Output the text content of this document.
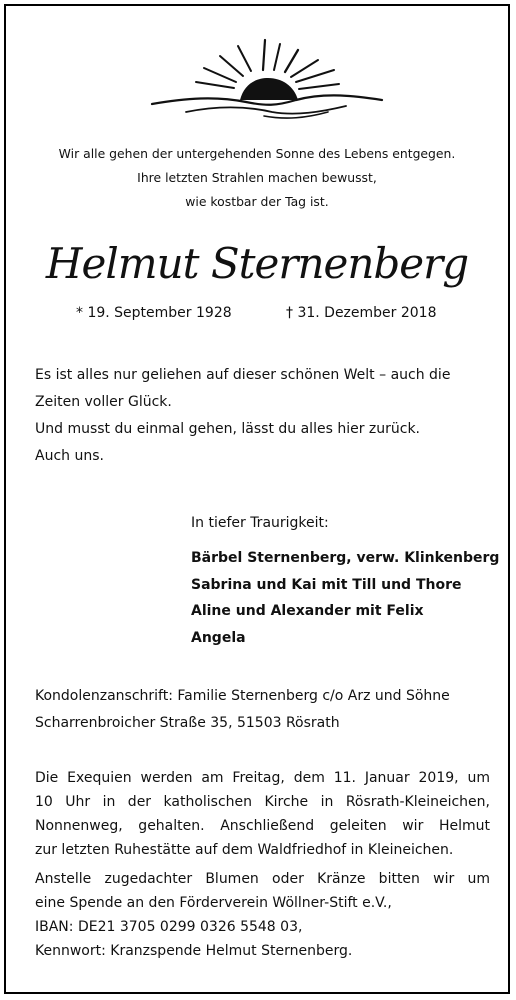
Wir alle gehen der untergehenden Sonne des Lebens entgegen.
Ihre letzten Strahlen machen bewusst,
wie kostbar der Tag ist.
Helmut Sternenberg
* 19. September 1928	† 31. Dezember 2018
Es ist alles nur geliehen auf dieser schönen Welt – auch die
Zeiten voller Glück.
Und musst du einmal gehen, lässt du alles hier zurück.
Auch uns.
In tiefer Traurigkeit:
Bärbel Sternenberg, verw. Klinkenberg
Sabrina und Kai mit Till und Thore
Aline und Alexander mit Felix
Angela
Kondolenzanschrift: Familie Sternenberg c/o Arz und Söhne
Scharrenbroicher Straße 35, 51503 Rösrath
Die Exequien werden am Freitag, dem 11. Januar 2019, um
10 Uhr in der katholischen Kirche in Rösrath-Kleineichen,
Nonnenweg, gehalten. Anschließend geleiten wir Helmut
zur letzten Ruhestätte auf dem Waldfriedhof in Kleineichen.
Anstelle zugedachter Blumen oder Kränze bitten wir um
eine Spende an den Förderverein Wöllner-Stift e.V.,
IBAN: DE21 3705 0299 0326 5548 03,
Kennwort: Kranzspende Helmut Sternenberg.
